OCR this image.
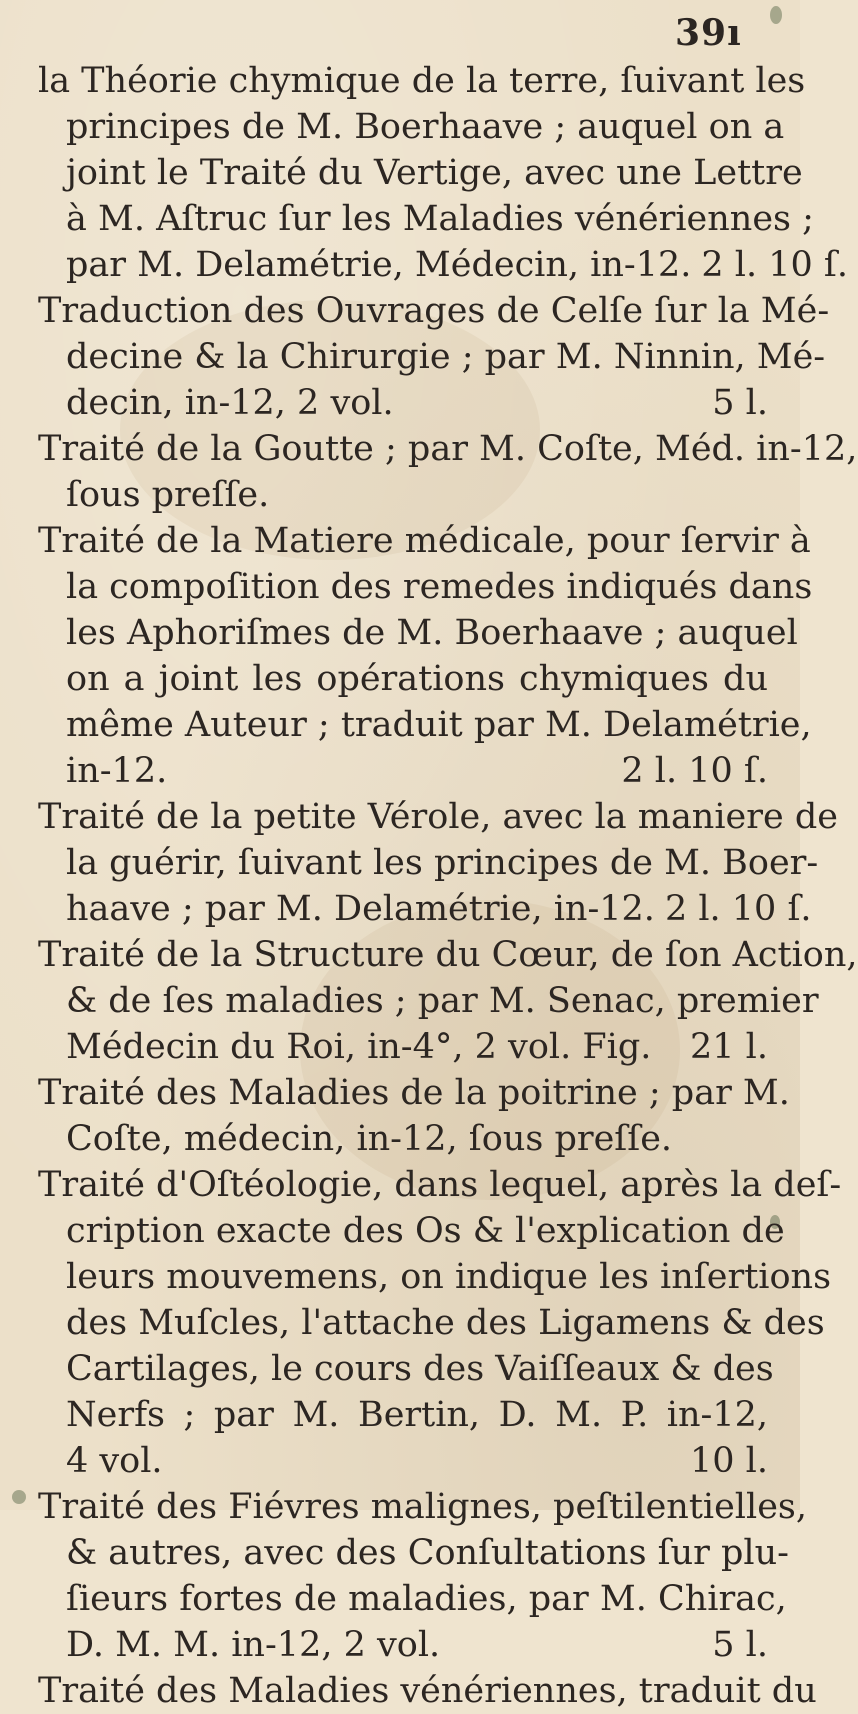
39ı
la Théorie chymique de la terre, ſuivant les
principes de M. Boerhaave ; auquel on a
joint le Traité du Vertige, avec une Lettre
à M. Aſtruc ſur les Maladies vénériennes ;
par M. Delamétrie, Médecin, in-12. 2 l. 10 ſ.
Traduction des Ouvrages de Celſe ſur la Mé-
decine & la Chirurgie ; par M. Ninnin, Mé-
decin, in-12, 2 vol.	5 l.
Traité de la Goutte ; par M. Coſte, Méd. in-12,
ſous preſſe.
Traité de la Matiere médicale, pour ſervir à
la compoſition des remedes indiqués dans
les Aphoriſmes de M. Boerhaave ; auquel
on a joint les opérations chymiques du
même Auteur ; traduit par M. Delamétrie,
in-12.	2 l. 10 ſ.
Traité de la petite Vérole, avec la maniere de
la guérir, ſuivant les principes de M. Boer-
haave ; par M. Delamétrie, in-12. 2 l. 10 ſ.
Traité de la Structure du Cœur, de ſon Action,
& de ſes maladies ; par M. Senac, premier
Médecin du Roi, in-4°, 2 vol. Fig.	21 l.
Traité des Maladies de la poitrine ; par M.
Coſte, médecin, in-12, ſous preſſe.
Traité d'Oſtéologie, dans lequel, après la deſ-
cription exacte des Os & l'explication de
leurs mouvemens, on indique les inſertions
des Muſcles, l'attache des Ligamens & des
Cartilages, le cours des Vaiſſeaux & des
Nerfs ; par M. Bertin, D. M. P. in-12,
4 vol.	10 l.
Traité des Fiévres malignes, peſtilentielles,
& autres, avec des Conſultations ſur plu-
ſieurs fortes de maladies, par M. Chirac,
D. M. M. in-12, 2 vol.	5 l.
Traité des Maladies vénériennes, traduit du
